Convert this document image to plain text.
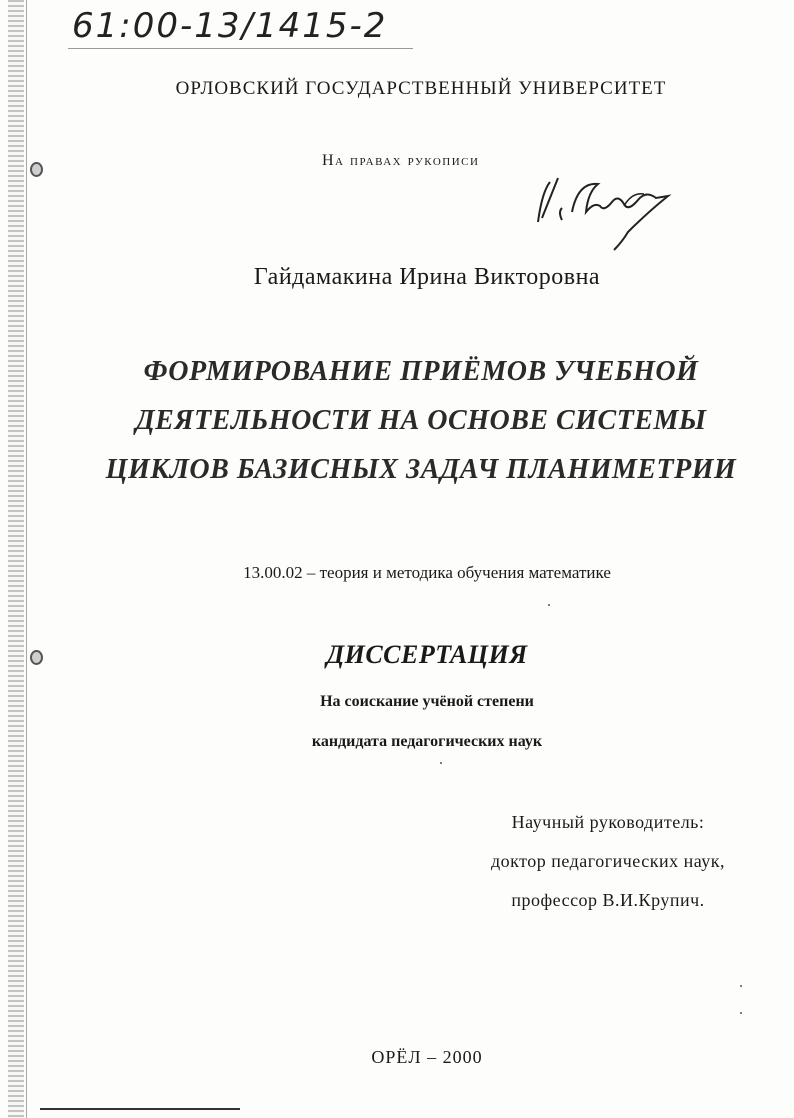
61:00-13/1415-2
ОРЛОВСКИЙ ГОСУДАРСТВЕННЫЙ УНИВЕРСИТЕТ
На правах рукописи
Гайдамакина Ирина Викторовна
ФОРМИРОВАНИЕ ПРИЁМОВ УЧЕБНОЙ
ДЕЯТЕЛЬНОСТИ НА ОСНОВЕ СИСТЕМЫ
ЦИКЛОВ БАЗИСНЫХ ЗАДАЧ ПЛАНИМЕТРИИ
13.00.02 – теория и методика обучения математике
ДИССЕРТАЦИЯ
На соискание учёной степени
кандидата педагогических наук
Научный руководитель:
доктор педагогических наук,
профессор В.И.Крупич.
ОРЁЛ – 2000
